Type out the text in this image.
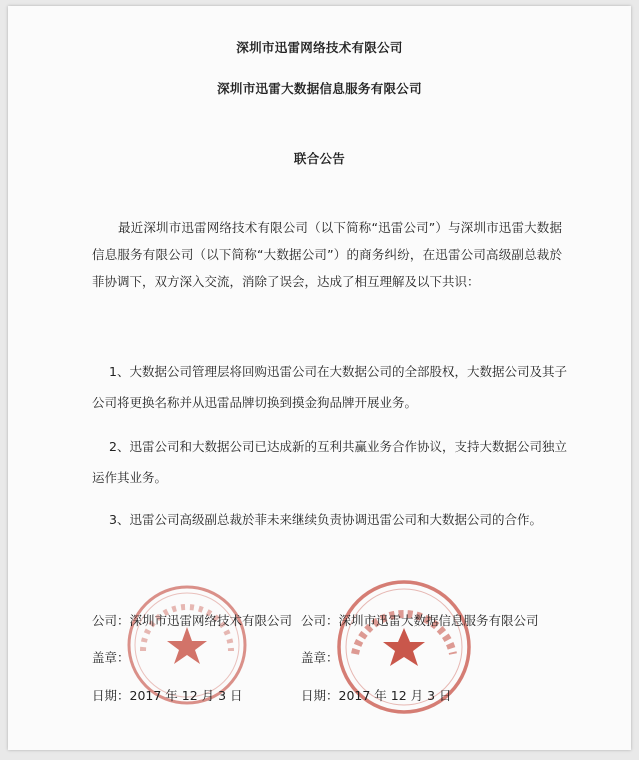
深圳市迅雷网络技术有限公司
深圳市迅雷大数据信息服务有限公司
联合公告
最近深圳市迅雷网络技术有限公司（以下简称“迅雷公司”）与深圳市迅雷大数据信息服务有限公司（以下简称“大数据公司”）的商务纠纷，在迅雷公司高级副总裁於菲协调下，双方深入交流，消除了误会，达成了相互理解及以下共识：
1、大数据公司管理层将回购迅雷公司在大数据公司的全部股权，大数据公司及其子公司将更换名称并从迅雷品牌切换到摸金狗品牌开展业务。
2、迅雷公司和大数据公司已达成新的互利共赢业务合作协议，支持大数据公司独立运作其业务。
3、迅雷公司高级副总裁於菲未来继续负责协调迅雷公司和大数据公司的合作。
公司：深圳市迅雷网络技术有限公司
盖章：
日期：2017 年 12 月 3 日
公司：深圳市迅雷大数据信息服务有限公司
盖章：
日期：2017 年 12 月 3 日
